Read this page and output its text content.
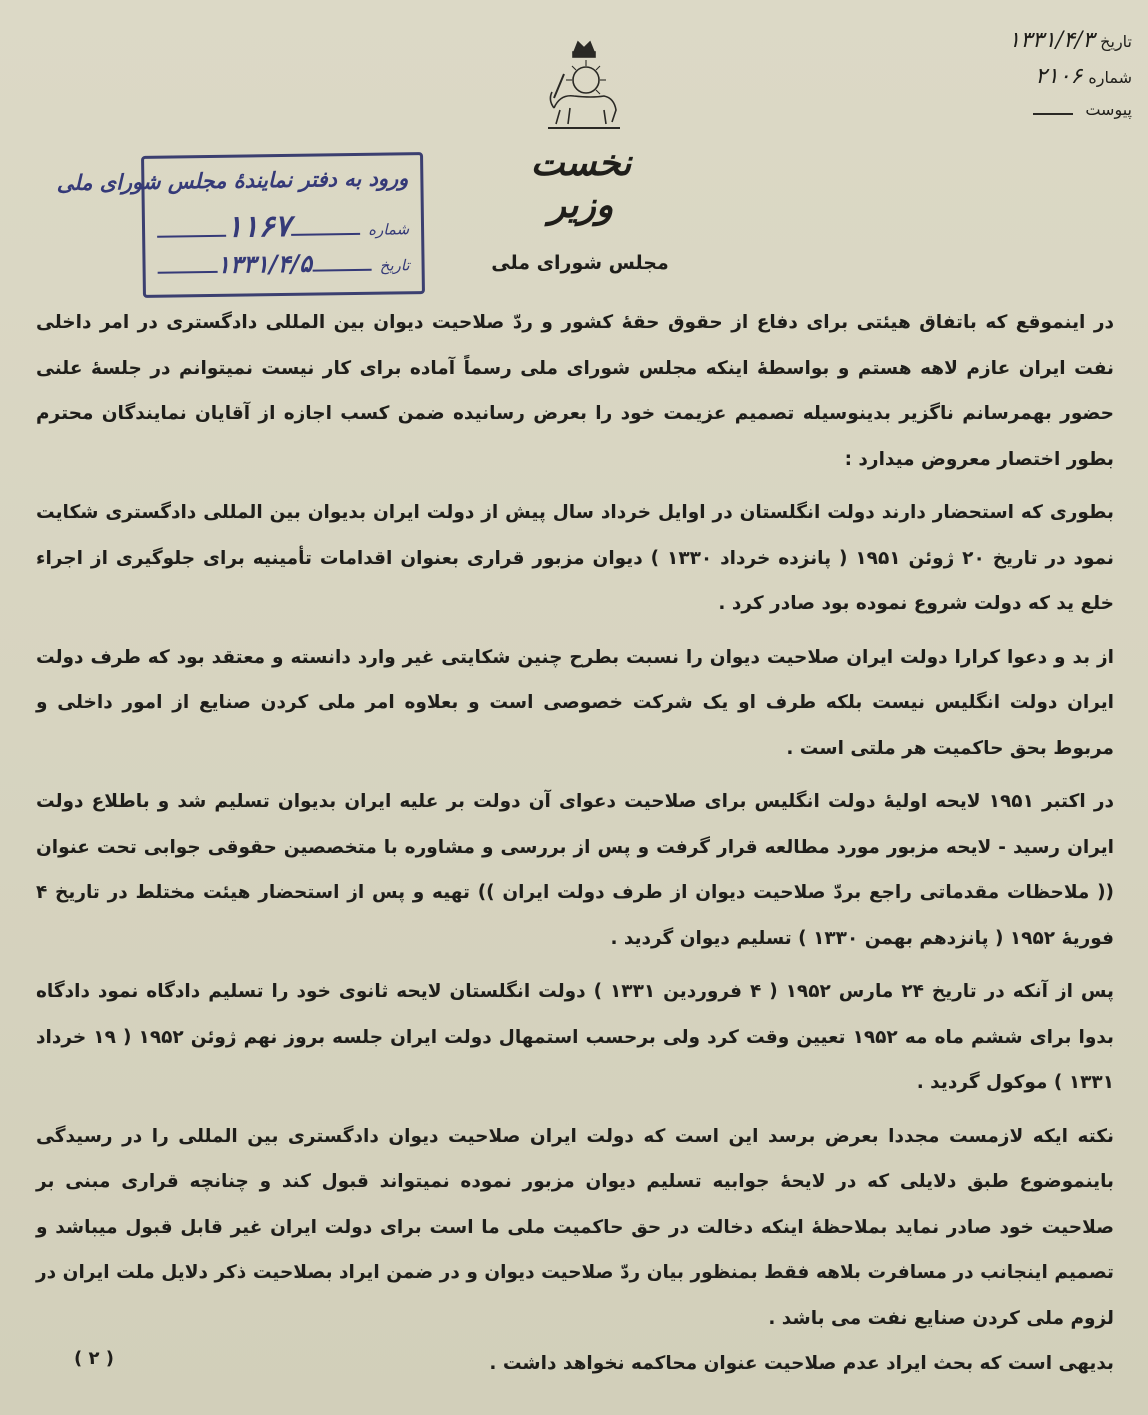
تاریخ
۱۳۳۱/۴/۳
شماره
۲۱۰۶
پیوست
نخست وزیر
ورود به دفتر نمایندهٔ مجلس شورای ملی
شماره
۱۱۶۷
تاریخ
۱۳۳۱/۴/۵	مجلس شورای ملی

در اینموقع که باتفاق هیئتی برای دفاع از حقوق حقهٔ کشور و ردّ صلاحیت دیوان بین المللی دادگستری در امر داخلی نفت ایران عازم لاهه هستم و بواسطهٔ اینکه مجلس شورای ملی رسماً آماده برای کار نیست نمیتوانم در جلسهٔ علنی حضور بهمرسانم ناگزیر بدینوسیله تصمیم عزیمت خود را بعرض رسانیده ضمن کسب اجازه از آقایان نمایندگان محترم بطور اختصار معروض میدارد :

بطوری که استحضار دارند دولت انگلستان در اوایل خرداد سال پیش از دولت ایران بدیوان بین المللی دادگستری شکایت نمود در تاریخ ۲۰ ژوئن ۱۹۵۱ ( پانزده خرداد ۱۳۳۰ ) دیوان مزبور قراری بعنوان اقدامات تأمینیه برای جلوگیری از اجراء خلع ید که دولت شروع نموده بود صادر کرد .

از بد و دعوا کرارا دولت ایران صلاحیت دیوان را نسبت بطرح چنین شکایتی غیر وارد دانسته و معتقد بود که طرف دولت ایران دولت انگلیس نیست بلکه طرف او یک شرکت خصوصی است و بعلاوه امر ملی کردن صنایع از امور داخلی و مربوط بحق حاکمیت هر ملتی است .

در اکتبر ۱۹۵۱ لایحه اولیهٔ دولت انگلیس برای صلاحیت دعوای آن دولت بر علیه ایران بدیوان تسلیم شد و باطلاع دولت ایران رسید - لایحه مزبور مورد مطالعه قرار گرفت و پس از بررسی و مشاوره با متخصصین حقوقی جوابی تحت عنوان (( ملاحظات مقدماتی راجع بردّ صلاحیت دیوان از طرف دولت ایران )) تهیه و پس از استحضار هیئت مختلط در تاریخ ۴ فوریهٔ ۱۹۵۲ ( پانزدهم بهمن ۱۳۳۰ ) تسلیم دیوان گردید .

پس از آنکه در تاریخ ۲۴ مارس ۱۹۵۲ ( ۴ فروردین ۱۳۳۱ ) دولت انگلستان لایحه ثانوی خود را تسلیم دادگاه نمود دادگاه بدوا برای ششم ماه مه ۱۹۵۲ تعیین وقت کرد ولی برحسب استمهال دولت ایران جلسه بروز نهم ژوئن ۱۹۵۲ ( ۱۹ خرداد ۱۳۳۱ ) موکول گردید .

نکته ایکه لازمست مجددا بعرض برسد این است که دولت ایران صلاحیت دیوان دادگستری بین المللی را در رسیدگی باینموضوع طبق دلایلی که در لایحهٔ جوابیه تسلیم دیوان مزبور نموده نمیتواند قبول کند و چنانچه قراری مبنی بر صلاحیت خود صادر نماید بملاحظهٔ اینکه دخالت در حق حاکمیت ملی ما است برای دولت ایران غیر قابل قبول میباشد و تصمیم اینجانب در مسافرت بلاهه فقط بمنظور بیان ردّ صلاحیت دیوان و در ضمن ایراد بصلاحیت ذکر دلایل ملت ایران در لزوم ملی کردن صنایع نفت می باشد .

بدیهی است که بحث ایراد عدم صلاحیت عنوان محاکمه نخواهد داشت .

( ۲ )
